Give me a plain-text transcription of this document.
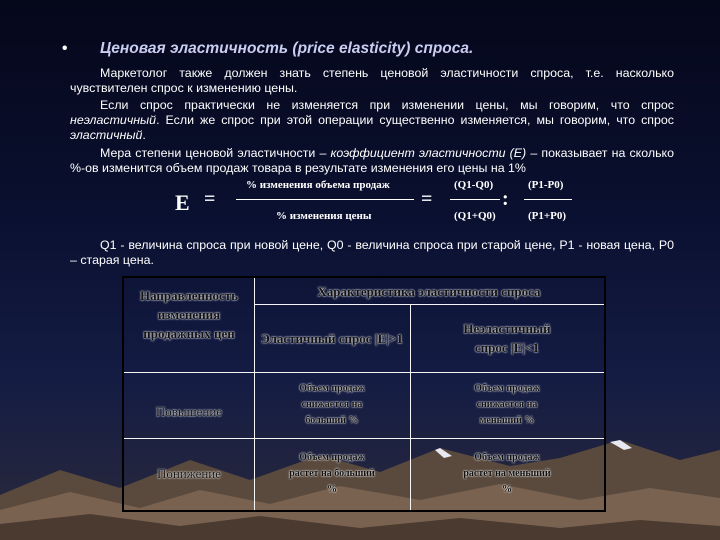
• Ценовая эластичность (price elasticity) спроса.
Маркетолог также должен знать степень ценовой эластичности спроса, т.е. насколько чувствителен спрос к изменению цены.
Если спрос практически не изменяется при изменении цены, мы говорим, что спрос неэластичный. Если же спрос при этой операции существенно изменяется, мы говорим, что спрос эластичный.
Мера степени ценовой эластичности – коэффициент эластичности (E) – показывает на сколько %-ов изменится объем продаж товара в результате изменения его цены на 1%
E =
% изменения объема продаж
% изменения цены
=
(Q1-Q0)
(Q1+Q0)
:
(P1-P0)
(P1+P0)
Q1 - величина спроса при новой цене, Q0 - величина спроса при старой цене, P1 - новая цена, P0 – старая цена.
Направленность изменения продажных цен
Характеристика эластичности спроса
Эластичный спрос |E|>1
Неэластичный спрос |E|<1
Повышение
Объем продаж снижается на больший %
Объем продаж снижается на меньший %
Понижение
Объем продаж растет на больший %
Объем продаж растет на меньший %
